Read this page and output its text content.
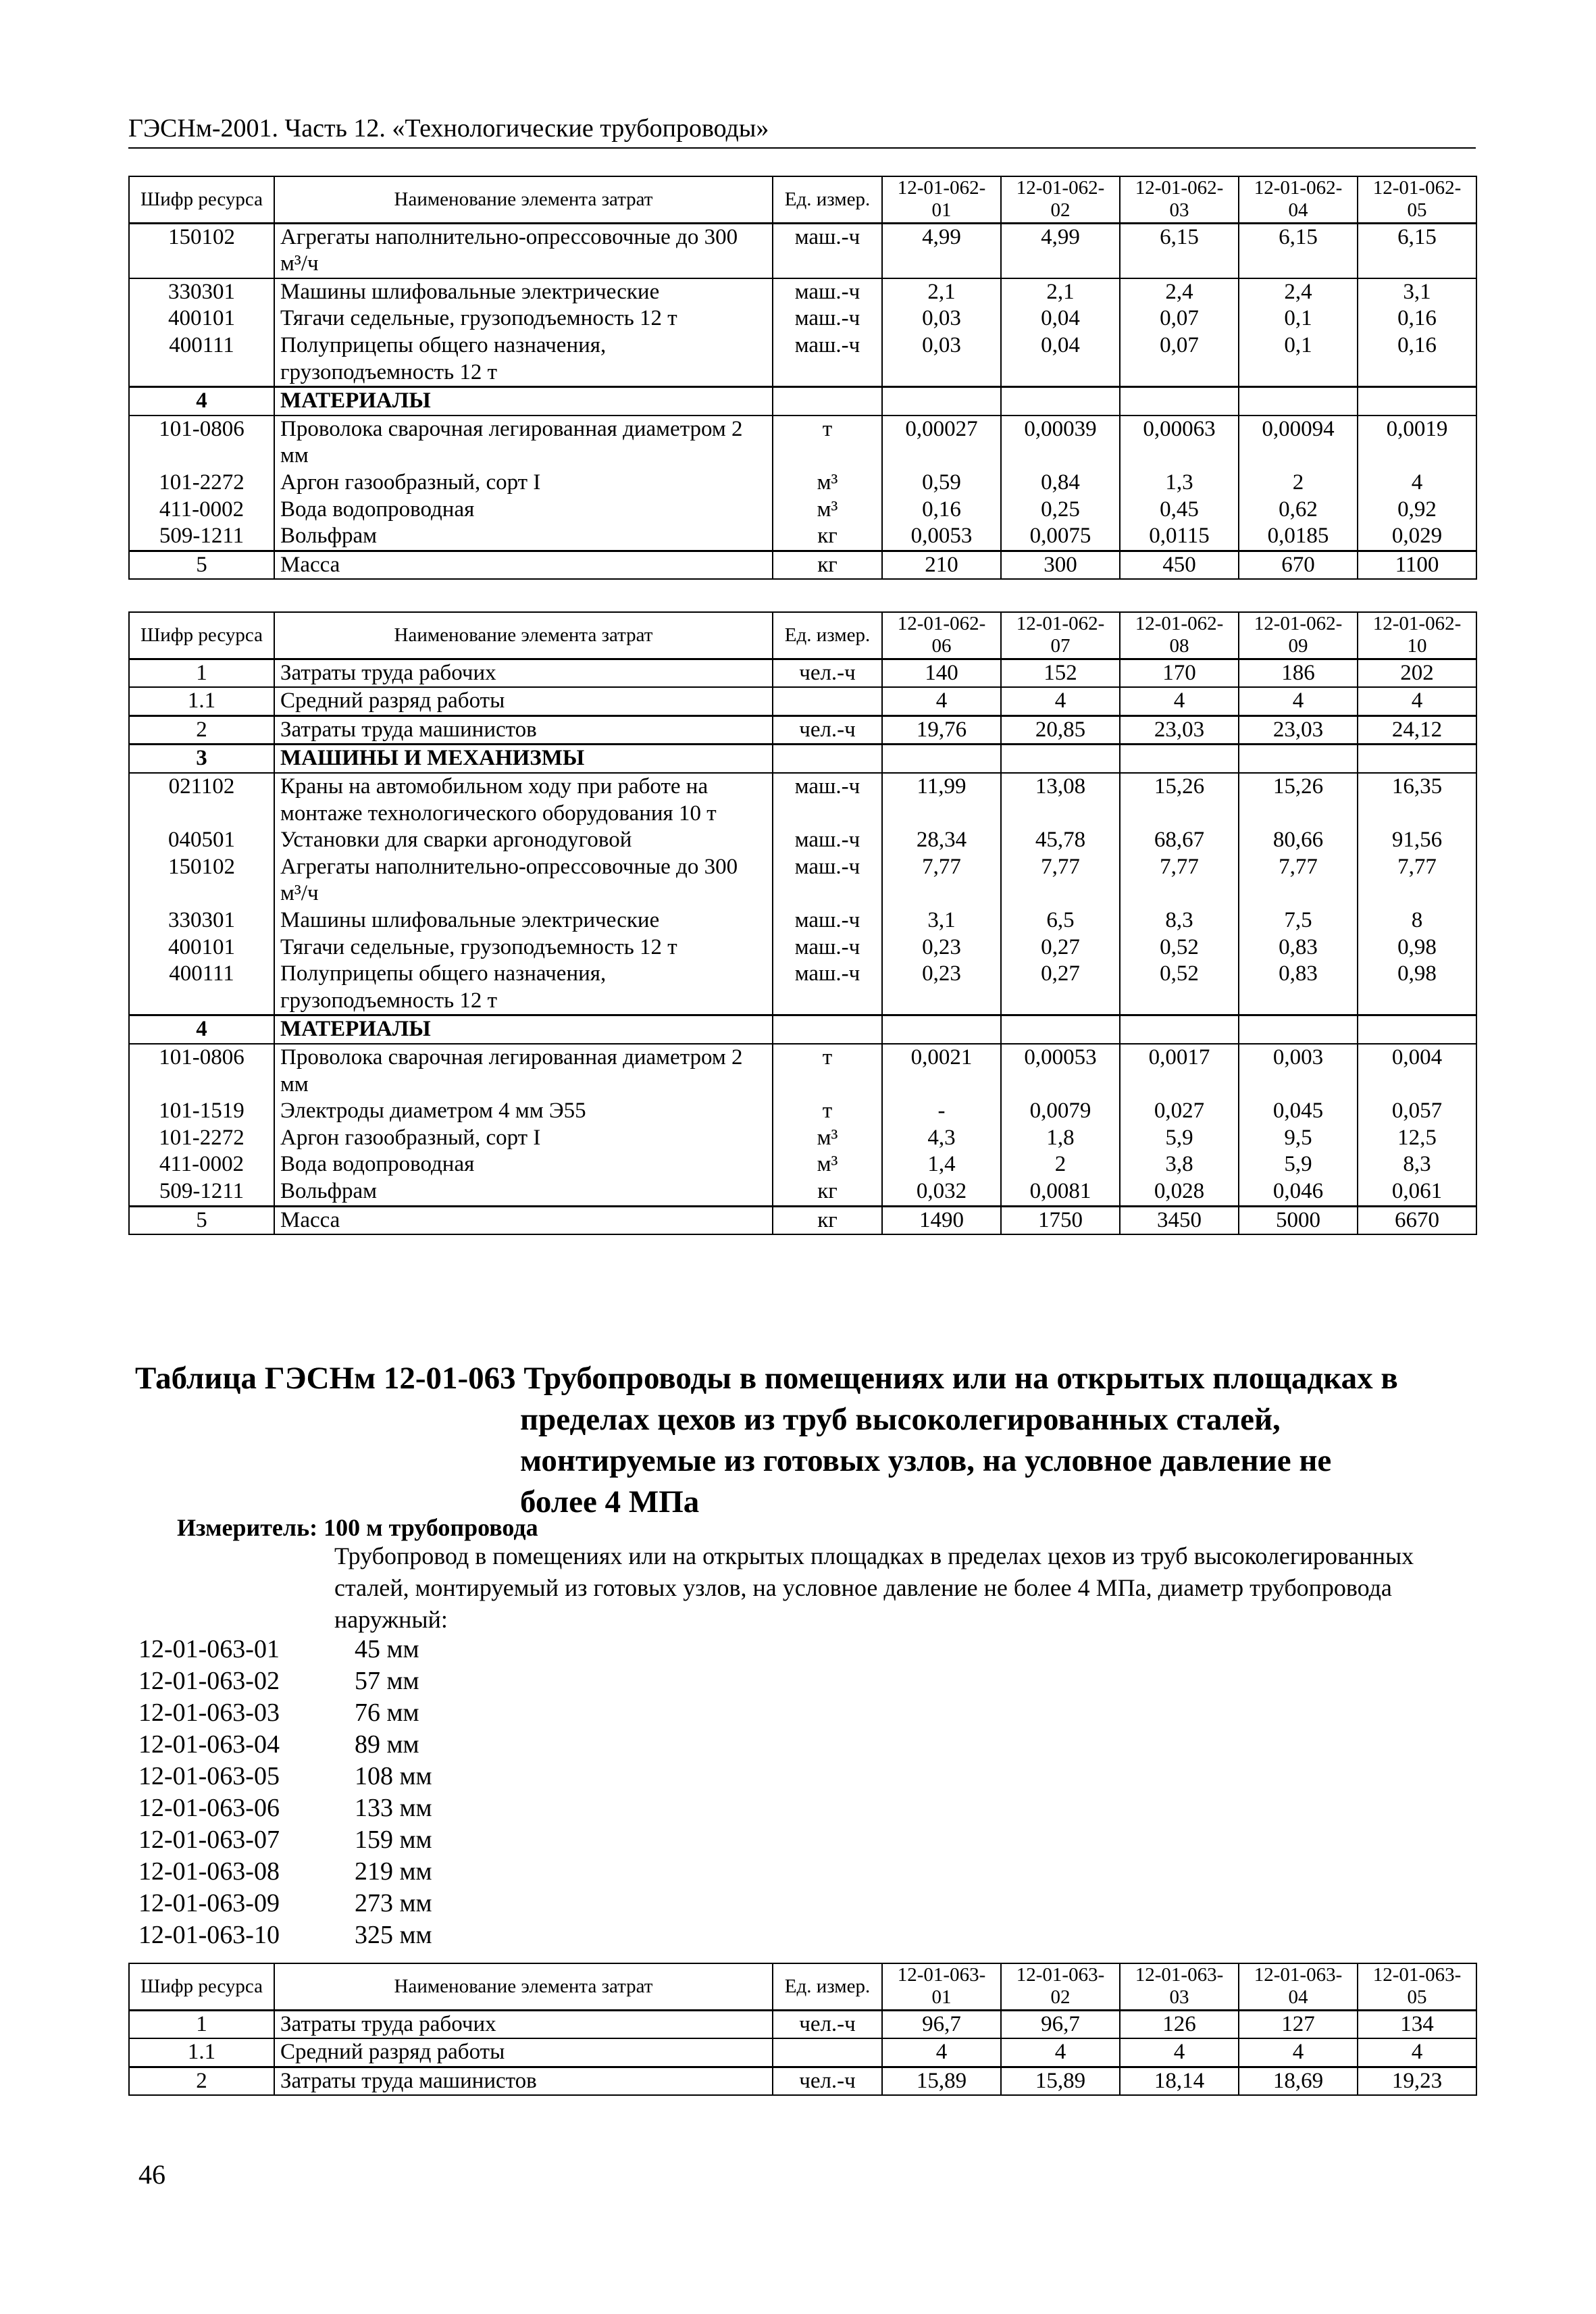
ГЭСНм-2001. Часть 12. «Технологические трубопроводы»
Шифр ресурса	Наименование элемента затрат	Ед. измер.	12-01-062-01	12-01-062-02	12-01-062-03	12-01-062-04	12-01-062-05
150102	Агрегаты наполнительно-опрессовочные до 300 м³/ч	маш.-ч	4,99	4,99	6,15	6,15	6,15
330301	Машины шлифовальные электрические	маш.-ч	2,1	2,1	2,4	2,4	3,1
400101	Тягачи седельные, грузоподъемность 12 т	маш.-ч	0,03	0,04	0,07	0,1	0,16
400111	Полуприцепы общего назначения, грузоподъемность 12 т	маш.-ч	0,03	0,04	0,07	0,1	0,16
4	МАТЕРИАЛЫ						
101-0806	Проволока сварочная легированная диаметром 2 мм	т	0,00027	0,00039	0,00063	0,00094	0,0019
101-2272	Аргон газообразный, сорт I	м³	0,59	0,84	1,3	2	4
411-0002	Вода водопроводная	м³	0,16	0,25	0,45	0,62	0,92
509-1211	Вольфрам	кг	0,0053	0,0075	0,0115	0,0185	0,029
5	Масса	кг	210	300	450	670	1100
Шифр ресурса	Наименование элемента затрат	Ед. измер.	12-01-062-06	12-01-062-07	12-01-062-08	12-01-062-09	12-01-062-10
1	Затраты труда рабочих	чел.-ч	140	152	170	186	202
1.1	Средний разряд работы		4	4	4	4	4
2	Затраты труда машинистов	чел.-ч	19,76	20,85	23,03	23,03	24,12
3	МАШИНЫ И МЕХАНИЗМЫ						
021102	Краны на автомобильном ходу при работе на монтаже технологического оборудования 10 т	маш.-ч	11,99	13,08	15,26	15,26	16,35
040501	Установки для сварки аргонодуговой	маш.-ч	28,34	45,78	68,67	80,66	91,56
150102	Агрегаты наполнительно-опрессовочные до 300 м³/ч	маш.-ч	7,77	7,77	7,77	7,77	7,77
330301	Машины шлифовальные электрические	маш.-ч	3,1	6,5	8,3	7,5	8
400101	Тягачи седельные, грузоподъемность 12 т	маш.-ч	0,23	0,27	0,52	0,83	0,98
400111	Полуприцепы общего назначения, грузоподъемность 12 т	маш.-ч	0,23	0,27	0,52	0,83	0,98
4	МАТЕРИАЛЫ						
101-0806	Проволока сварочная легированная диаметром 2 мм	т	0,0021	0,00053	0,0017	0,003	0,004
101-1519	Электроды диаметром 4 мм Э55	т	-	0,0079	0,027	0,045	0,057
101-2272	Аргон газообразный, сорт I	м³	4,3	1,8	5,9	9,5	12,5
411-0002	Вода водопроводная	м³	1,4	2	3,8	5,9	8,3
509-1211	Вольфрам	кг	0,032	0,0081	0,028	0,046	0,061
5	Масса	кг	1490	1750	3450	5000	6670
Таблица ГЭСНм 12-01-063 Трубопроводы в помещениях или на открытых площадках в
пределах цехов из труб высоколегированных сталей,
монтируемые из готовых узлов, на условное давление не
более 4 МПа
Измеритель: 100 м трубопровода
Трубопровод в помещениях или на открытых площадках в пределах цехов из труб высоколегированных сталей, монтируемый из готовых узлов, на условное давление не более 4 МПа, диаметр трубопровода наружный:
12-01-063-01	45 мм
12-01-063-02	57 мм
12-01-063-03	76 мм
12-01-063-04	89 мм
12-01-063-05	108 мм
12-01-063-06	133 мм
12-01-063-07	159 мм
12-01-063-08	219 мм
12-01-063-09	273 мм
12-01-063-10	325 мм
Шифр ресурса	Наименование элемента затрат	Ед. измер.	12-01-063-01	12-01-063-02	12-01-063-03	12-01-063-04	12-01-063-05
1	Затраты труда рабочих	чел.-ч	96,7	96,7	126	127	134
1.1	Средний разряд работы		4	4	4	4	4
2	Затраты труда машинистов	чел.-ч	15,89	15,89	18,14	18,69	19,23
46
